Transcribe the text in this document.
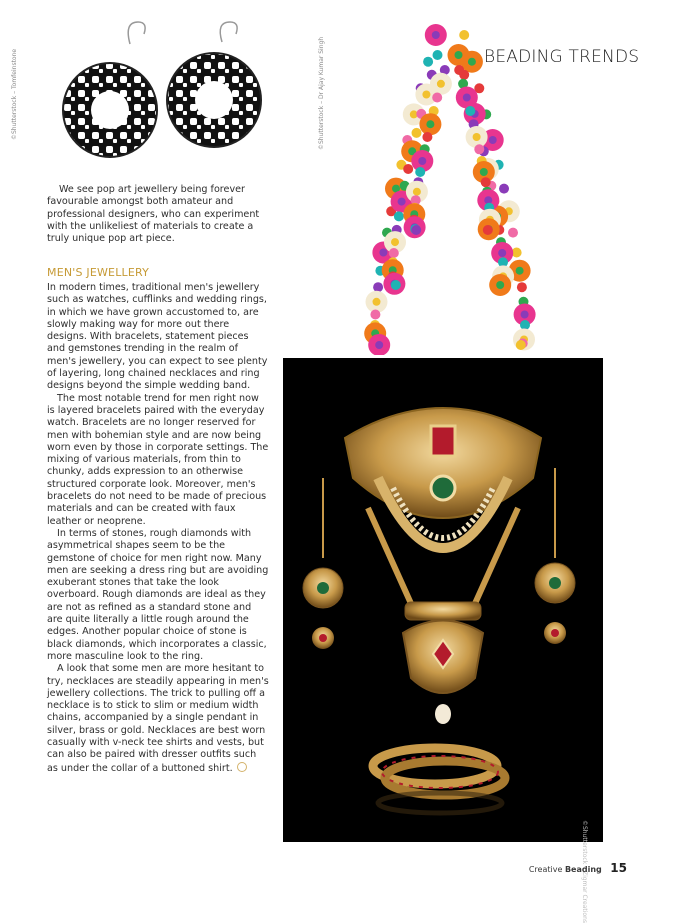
BEADING TRENDS
©Shutterstock – Tomfeinstone	©Shutterstock – Dr Ajay Kumar Singh
©Shutterstock – Zigmar Creations

We see pop art jewellery being forever favourable amongst both amateur and professional designers, who can experiment with the unlikeliest of materials to create a truly unique pop art piece.

MEN'S JEWELLERY

In modern times, traditional men's jewellery such as watches, cufflinks and wedding rings, in which we have grown accustomed to, are slowly making way for more out there designs. With bracelets, statement pieces and gemstones trending in the realm of men's jewellery, you can expect to see plenty of layering, long chained necklaces and ring designs beyond the simple wedding band.

The most notable trend for men right now is layered bracelets paired with the everyday watch. Bracelets are no longer reserved for men with bohemian style and are now being worn even by those in corporate settings. The mixing of various materials, from thin to chunky, adds expression to an otherwise structured corporate look. Moreover, men's bracelets do not need to be made of precious materials and can be created with faux leather or neoprene.

In terms of stones, rough diamonds with asymmetrical shapes seem to be the gemstone of choice for men right now. Many men are seeking a dress ring but are avoiding exuberant stones that take the look overboard. Rough diamonds are ideal as they are not as refined as a standard stone and are quite literally a little rough around the edges. Another popular choice of stone is black diamonds, which incorporates a classic, more masculine look to the ring.

A look that some men are more hesitant to try, necklaces are steadily appearing in men's jewellery collections. The trick to pulling off a necklace is to stick to slim or medium width chains, accompanied by a single pendant in silver, brass or gold. Necklaces are best worn casually with v-neck tee shirts and vests, but can also be paired with dresser outfits such as under the collar of a buttoned shirt.

Creative Beading 15
